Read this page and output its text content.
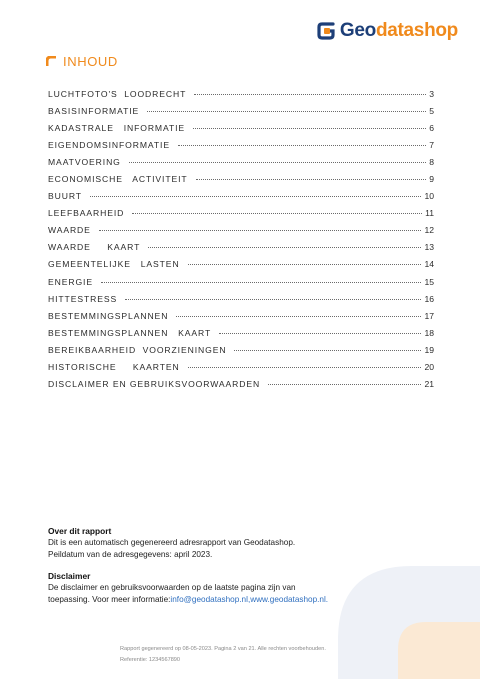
Geodatashop
INHOUD
LUCHTFOTO'S  LOODRECHT	3
BASISINFORMATIE	5
KADASTRALE   INFORMATIE	6
EIGENDOMSINFORMATIE	7
MAATVOERING	8
ECONOMISCHE   ACTIVITEIT	9
BUURT	10
LEEFBAARHEID	11
WAARDE	12
WAARDE     KAART	13
GEMEENTELIJKE   LASTEN	14
ENERGIE	15
HITTESTRESS	16
BESTEMMINGSPLANNEN	17
BESTEMMINGSPLANNEN   KAART	18
BEREIKBAARHEID  VOORZIENINGEN	19
HISTORISCHE     KAARTEN	20
DISCLAIMER EN GEBRUIKSVOORWAARDEN	21

Over dit rapport

Dit is een automatisch gegenereerd adresrapport van Geodatashop.

Peildatum van de adresgegevens: april 2023.

Disclaimer

De disclaimer en gebruiksvoorwaarden op de laatste pagina zijn van

toepassing. Voor meer informatie:info@geodatashop.nl,www.geodatashop.nl.

Rapport gegenereerd op 08-05-2023. Pagina 2 van 21. Alle rechten voorbehouden.
Referentie: 1234567890
